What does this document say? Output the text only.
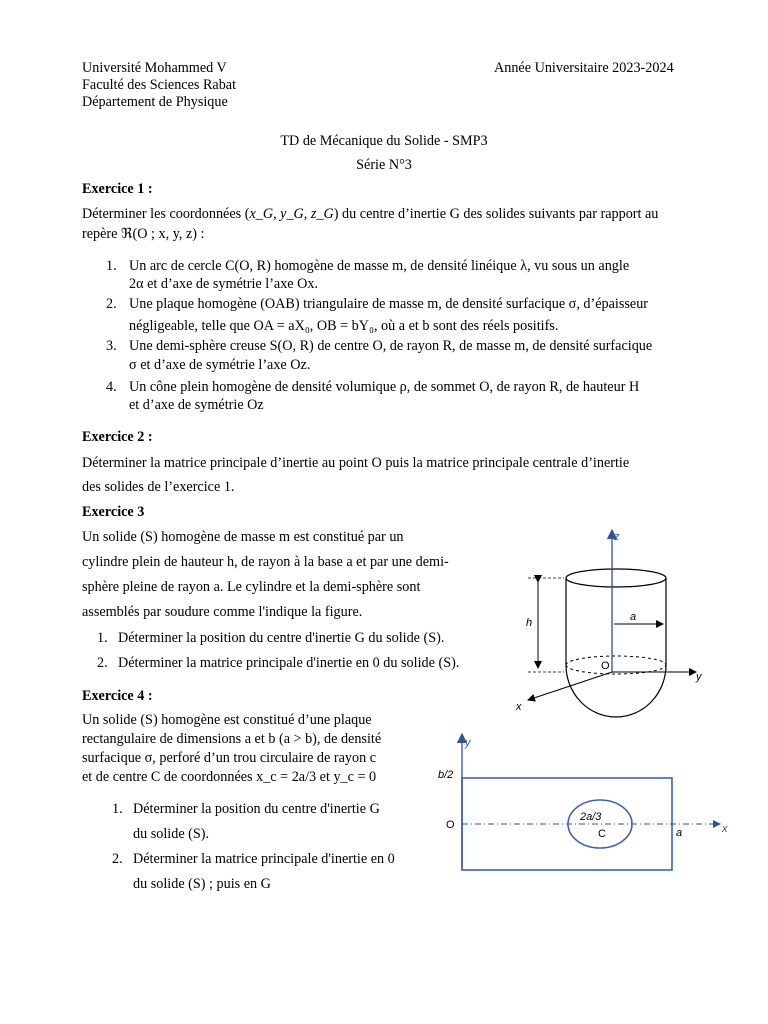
Université Mohammed V
Faculté des Sciences Rabat
Département de Physique
Année Universitaire 2023-2024
TD de Mécanique du Solide - SMP3
Série N°3
Exercice 1 :
Déterminer les coordonnées (x_G, y_G, z_G) du centre d’inertie G des solides suivants par rapport au
repère ℜ(O ; x, y, z) :
1. Un arc de cercle C(O, R) homogène de masse m, de densité linéique λ, vu sous un angle
2α et d’axe de symétrie l’axe Ox.
2. Une plaque homogène (OAB) triangulaire de masse m, de densité surfacique σ, d’épaisseur
négligeable, telle que OA = aX₀, OB = bY₀, où a et b sont des réels positifs.
3. Une demi-sphère creuse S(O, R) de centre O, de rayon R, de masse m, de densité surfacique
σ et d’axe de symétrie l’axe Oz.
4. Un cône plein homogène de densité volumique ρ, de sommet O, de rayon R, de hauteur H
et d’axe de symétrie Oz
Exercice 2 :
Déterminer la matrice principale d’inertie au point O puis la matrice principale centrale d’inertie
des solides de l’exercice 1.
Exercice 3
Un solide (S) homogène de masse m est constitué par un
cylindre plein de hauteur h, de rayon à la base a et par une demi-
sphère pleine de rayon a. Le cylindre et la demi-sphère sont
assemblés par soudure comme l'indique la figure.
1. Déterminer la position du centre d'inertie G du solide (S).
2. Déterminer la matrice principale d'inertie en 0 du solide (S).
z
y
x
h	a
O
Exercice 4 :
Un solide (S) homogène est constitué d’une plaque
rectangulaire de dimensions a et b (a > b), de densité
surfacique σ, perforé d’un trou circulaire de rayon c
et de centre C de coordonnées x_c = 2a/3 et y_c = 0
1. Déterminer la position du centre d'inertie G
du solide (S).
2. Déterminer la matrice principale d'inertie en 0
du solide (S) ; puis en G
y
x
b/2
O
2a/3
C	a
